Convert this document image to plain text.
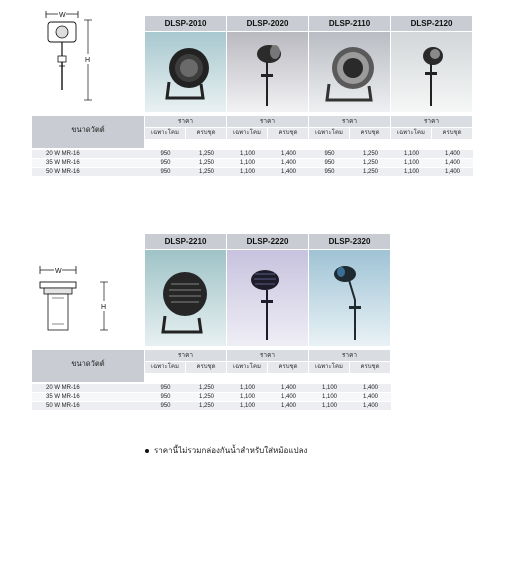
W
H
DLSP-2010	DLSP-2020	DLSP-2110	DLSP-2120
ขนาดวัตต์
ราคา
เฉพาะโคม	ครบชุด
ราคา
เฉพาะโคม	ครบชุด
ราคา
เฉพาะโคม	ครบชุด
ราคา
เฉพาะโคม	ครบชุด
20 W MR-16	950	1,250	1,100	1,400	950	1,250	1,100	1,400
35 W MR-16	950	1,250	1,100	1,400	950	1,250	1,100	1,400
50 W MR-16	950	1,250	1,100	1,400	950	1,250	1,100	1,400
W
H
DLSP-2210	DLSP-2220	DLSP-2320
ขนาดวัตต์
ราคา
เฉพาะโคม	ครบชุด
ราคา
เฉพาะโคม	ครบชุด
ราคา
เฉพาะโคม	ครบชุด
20 W MR-16	950	1,250	1,100	1,400	1,100	1,400
35 W MR-16	950	1,250	1,100	1,400	1,100	1,400
50 W MR-16	950	1,250	1,100	1,400	1,100	1,400
ราคานี้ไม่รวมกล่องกันน้ำสำหรับใส่หม้อแปลง
